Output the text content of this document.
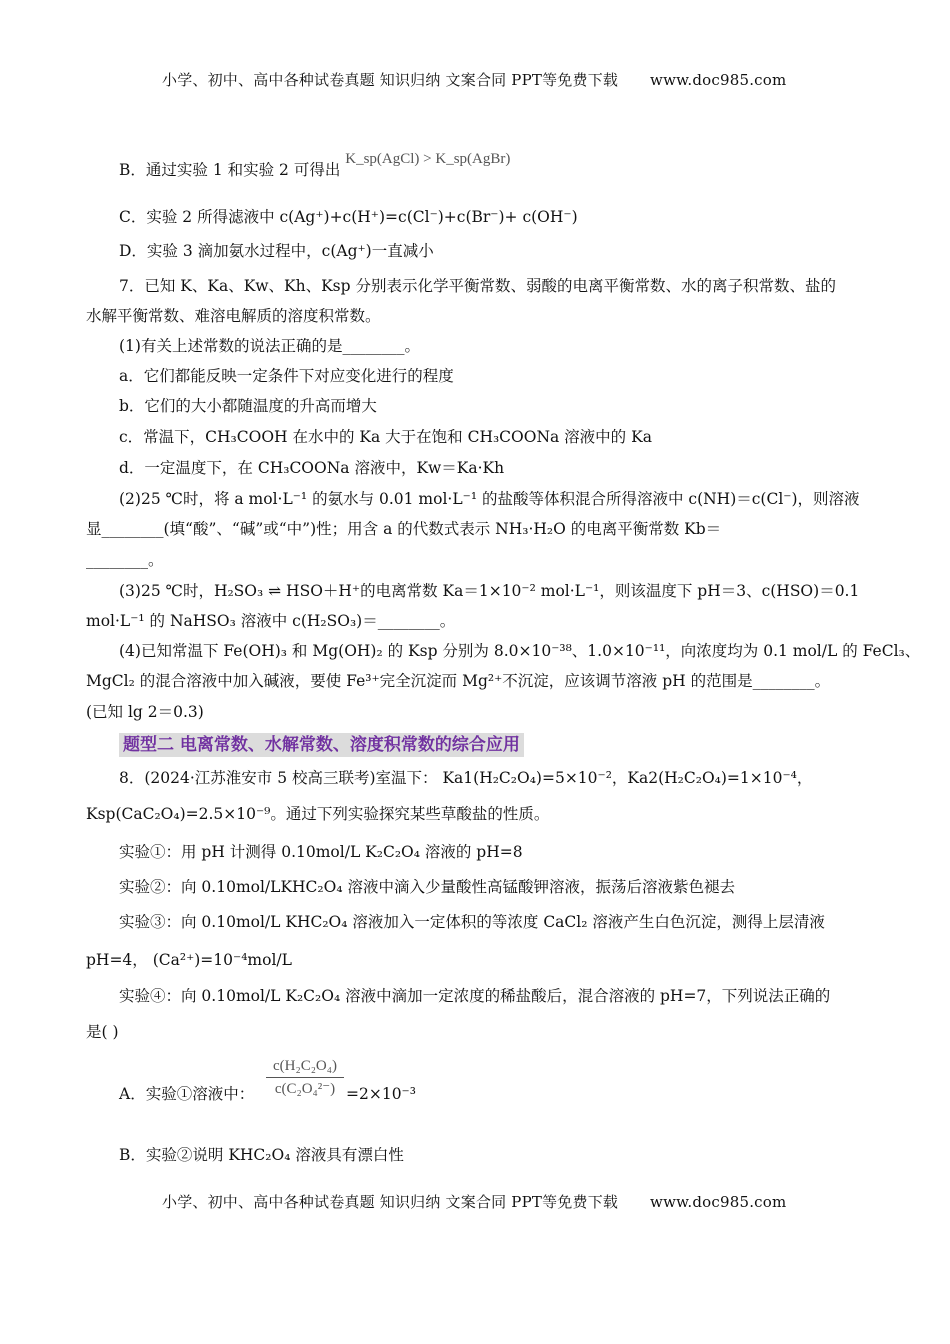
小学、初中、高中各种试卷真题 知识归纳 文案合同 PPT等免费下载 www.doc985.com
B．通过实验 1 和实验 2 可得出 K_sp(AgCl) > K_sp(AgBr)
C．实验 2 所得滤液中 c(Ag⁺)+c(H⁺)=c(Cl⁻)+c(Br⁻)+ c(OH⁻)
D．实验 3 滴加氨水过程中，c(Ag⁺)一直减小
7．已知 K、Ka、Kw、Kh、Ksp 分别表示化学平衡常数、弱酸的电离平衡常数、水的离子积常数、盐的
水解平衡常数、难溶电解质的溶度积常数。
(1)有关上述常数的说法正确的是________。
a．它们都能反映一定条件下对应变化进行的程度
b．它们的大小都随温度的升高而增大
c．常温下，CH₃COOH 在水中的 Ka 大于在饱和 CH₃COONa 溶液中的 Ka
d．一定温度下，在 CH₃COONa 溶液中，Kw＝Ka·Kh
(2)25 ℃时，将 a mol·L⁻¹ 的氨水与 0.01 mol·L⁻¹ 的盐酸等体积混合所得溶液中 c(NH)＝c(Cl⁻)，则溶液
显________(填“酸”、“碱”或“中”)性；用含 a 的代数式表示 NH₃·H₂O 的电离平衡常数 Kb＝
________。
(3)25 ℃时，H₂SO₃ ⇌ HSO＋H⁺的电离常数 Ka＝1×10⁻² mol·L⁻¹，则该温度下 pH＝3、c(HSO)＝0.1
mol·L⁻¹ 的 NaHSO₃ 溶液中 c(H₂SO₃)＝________。
(4)已知常温下 Fe(OH)₃ 和 Mg(OH)₂ 的 Ksp 分别为 8.0×10⁻³⁸、1.0×10⁻¹¹，向浓度均为 0.1 mol/L 的 FeCl₃、
MgCl₂ 的混合溶液中加入碱液，要使 Fe³⁺完全沉淀而 Mg²⁺不沉淀，应该调节溶液 pH 的范围是________。
(已知 lg 2＝0.3)
题型二 电离常数、水解常数、溶度积常数的综合应用
8．(2024·江苏淮安市 5 校高三联考)室温下： Ka1(H₂C₂O₄)=5×10⁻²，Ka2(H₂C₂O₄)=1×10⁻⁴，
Ksp(CaC₂O₄)=2.5×10⁻⁹。通过下列实验探究某些草酸盐的性质。
实验①：用 pH 计测得 0.10mol/L K₂C₂O₄ 溶液的 pH=8
实验②：向 0.10mol/LKHC₂O₄ 溶液中滴入少量酸性高锰酸钾溶液，振荡后溶液紫色褪去
实验③：向 0.10mol/L KHC₂O₄ 溶液加入一定体积的等浓度 CaCl₂ 溶液产生白色沉淀，测得上层清液
pH=4， (Ca²⁺)=10⁻⁴mol/L
实验④：向 0.10mol/L K₂C₂O₄ 溶液中滴加一定浓度的稀盐酸后，混合溶液的 pH=7，下列说法正确的
是( )
A．实验①溶液中：
c(H₂C₂O₄)
c(C₂O₄²⁻) =2×10⁻³
B．实验②说明 KHC₂O₄ 溶液具有漂白性
小学、初中、高中各种试卷真题 知识归纳 文案合同 PPT等免费下载 www.doc985.com
